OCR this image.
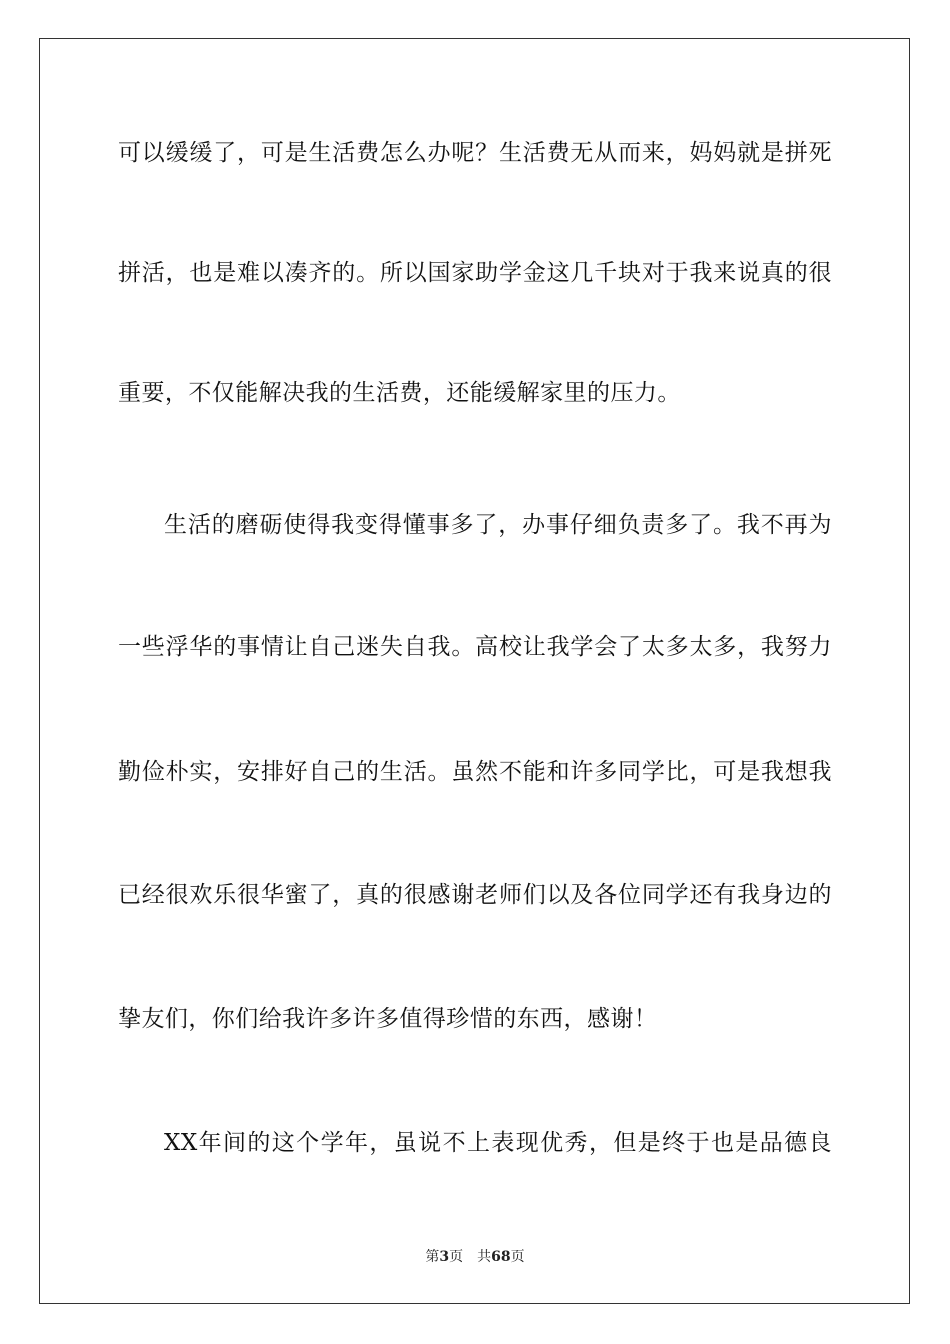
可以缓缓了，可是生活费怎么办呢？生活费无从而来，妈妈就是拼死
拼活，也是难以凑齐的。所以国家助学金这几千块对于我来说真的很
重要，不仅能解决我的生活费，还能缓解家里的压力。
生活的磨砺使得我变得懂事多了，办事仔细负责多了。我不再为
一些浮华的事情让自己迷失自我。高校让我学会了太多太多，我努力
勤俭朴实，安排好自己的生活。虽然不能和许多同学比，可是我想我
已经很欢乐很华蜜了，真的很感谢老师们以及各位同学还有我身边的
挚友们，你们给我许多许多值得珍惜的东西，感谢！
XX年间的这个学年，虽说不上表现优秀，但是终于也是品德良
第3页 共68页
